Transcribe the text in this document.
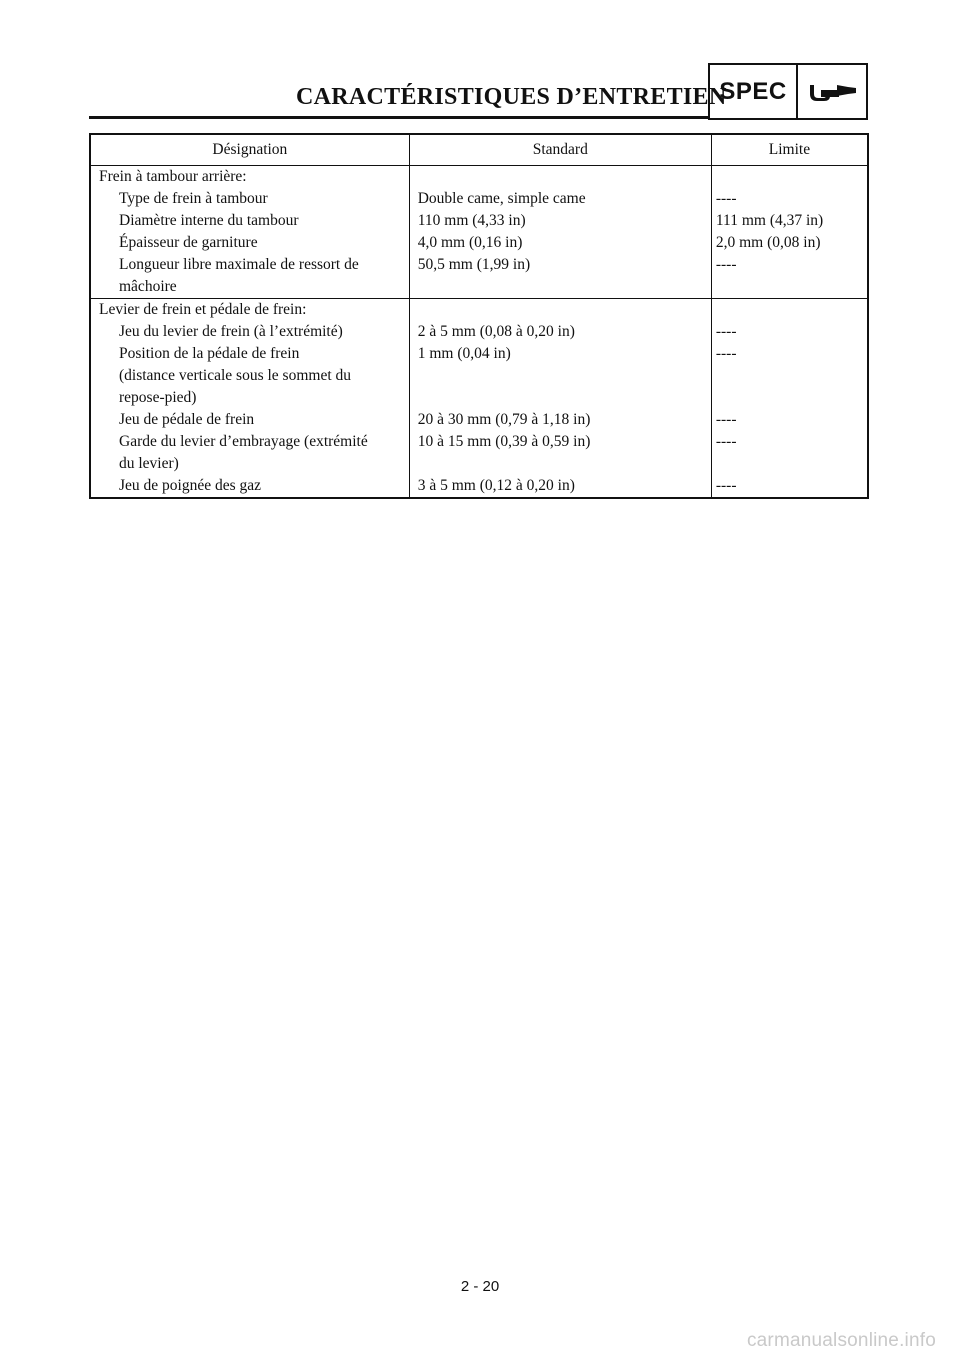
CARACTÉRISTIQUES D’ENTRETIEN
SPEC
Désignation	Standard	Limite
Frein à tambour arrière:		

Type de frein à tambour	Double came, simple came	----

Diamètre interne du tambour	110 mm (4,33 in)	111 mm (4,37 in)

Épaisseur de garniture	4,0 mm (0,16 in)	2,0 mm (0,08 in)

Longueur libre maximale de ressort de
mâchoire	50,5 mm (1,99 in)	----
Levier de frein et pédale de frein:		

Jeu du levier de frein (à l’extrémité)	2 à 5 mm (0,08 à 0,20 in)	----

Position de la pédale de frein
(distance verticale sous le sommet du
repose-pied)	1 mm (0,04 in)	----

Jeu de pédale de frein	20 à 30 mm (0,79 à 1,18 in)	----

Garde du levier d’embrayage (extrémité
du levier)	10 à 15 mm (0,39 à 0,59 in)	----

Jeu de poignée des gaz	3 à 5 mm (0,12 à 0,20 in)	----
2 - 20
carmanualsonline.info
